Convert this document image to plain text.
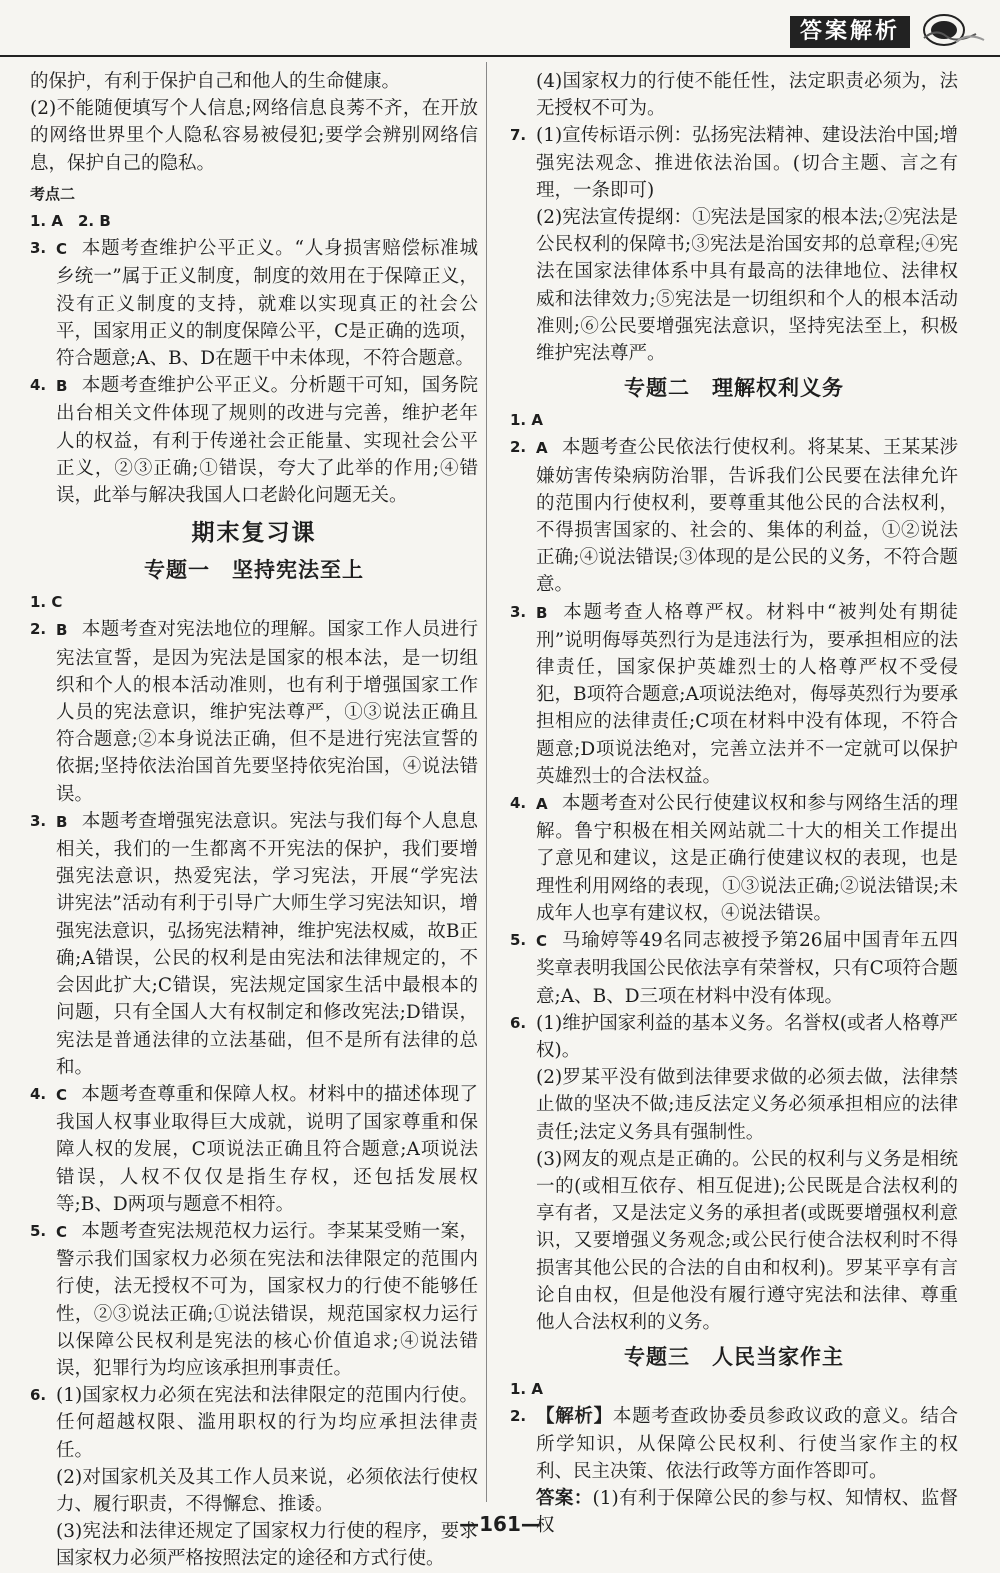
答案解析

的保护，有利于保护自己和他人的生命健康。

(2)不能随便填写个人信息;网络信息良莠不齐，在开放的网络世界里个人隐私容易被侵犯;要学会辨别网络信息，保护自己的隐私。

考点二

1. A　2. B

3. C 本题考查维护公平正义。“人身损害赔偿标准城乡统一”属于正义制度，制度的效用在于保障正义，没有正义制度的支持，就难以实现真正的社会公平，国家用正义的制度保障公平，C是正确的选项，符合题意;A、B、D在题干中未体现，不符合题意。
4. B 本题考查维护公平正义。分析题干可知，国务院出台相关文件体现了规则的改进与完善，维护老年人的权益，有利于传递社会正能量、实现社会公平正义，②③正确;①错误，夸大了此举的作用;④错误，此举与解决我国人口老龄化问题无关。
期末复习课
专题一 坚持宪法至上

1. C

2. B 本题考查对宪法地位的理解。国家工作人员进行宪法宣誓，是因为宪法是国家的根本法，是一切组织和个人的根本活动准则，也有利于增强国家工作人员的宪法意识，维护宪法尊严，①③说法正确且符合题意;②本身说法正确，但不是进行宪法宣誓的依据;坚持依法治国首先要坚持依宪治国，④说法错误。
3. B 本题考查增强宪法意识。宪法与我们每个人息息相关，我们的一生都离不开宪法的保护，我们要增强宪法意识，热爱宪法，学习宪法，开展“学宪法 讲宪法”活动有利于引导广大师生学习宪法知识，增强宪法意识，弘扬宪法精神，维护宪法权威，故B正确;A错误，公民的权利是由宪法和法律规定的，不会因此扩大;C错误，宪法规定国家生活中最根本的问题，只有全国人大有权制定和修改宪法;D错误，宪法是普通法律的立法基础，但不是所有法律的总和。
4. C 本题考查尊重和保障人权。材料中的描述体现了我国人权事业取得巨大成就，说明了国家尊重和保障人权的发展，C项说法正确且符合题意;A项说法错误，人权不仅仅是指生存权，还包括发展权等;B、D两项与题意不相符。
5. C 本题考查宪法规范权力运行。李某某受贿一案，警示我们国家权力必须在宪法和法律限定的范围内行使，法无授权不可为，国家权力的行使不能够任性，②③说法正确;①说法错误，规范国家权力运行以保障公民权利是宪法的核心价值追求;④说法错误，犯罪行为均应该承担刑事责任。
6. (1)国家权力必须在宪法和法律限定的范围内行使。任何超越权限、滥用职权的行为均应承担法律责任。

(2)对国家机关及其工作人员来说，必须依法行使权力、履行职责，不得懈怠、推诿。

(3)宪法和法律还规定了国家权力行使的程序，要求国家权力必须严格按照法定的途径和方式行使。

(4)国家权力的行使不能任性，法定职责必须为，法无授权不可为。

7. (1)宣传标语示例：弘扬宪法精神、建设法治中国;增强宪法观念、推进依法治国。(切合主题、言之有理，一条即可)

(2)宪法宣传提纲：①宪法是国家的根本法;②宪法是公民权利的保障书;③宪法是治国安邦的总章程;④宪法在国家法律体系中具有最高的法律地位、法律权威和法律效力;⑤宪法是一切组织和个人的根本活动准则;⑥公民要增强宪法意识，坚持宪法至上，积极维护宪法尊严。

专题二 理解权利义务

1. A

2. A 本题考查公民依法行使权利。将某某、王某某涉嫌妨害传染病防治罪，告诉我们公民要在法律允许的范围内行使权利，要尊重其他公民的合法权利，不得损害国家的、社会的、集体的利益，①②说法正确;④说法错误;③体现的是公民的义务，不符合题意。
3. B 本题考查人格尊严权。材料中“被判处有期徒刑”说明侮辱英烈行为是违法行为，要承担相应的法律责任，国家保护英雄烈士的人格尊严权不受侵犯，B项符合题意;A项说法绝对，侮辱英烈行为要承担相应的法律责任;C项在材料中没有体现，不符合题意;D项说法绝对，完善立法并不一定就可以保护英雄烈士的合法权益。
4. A 本题考查对公民行使建议权和参与网络生活的理解。鲁宁积极在相关网站就二十大的相关工作提出了意见和建议，这是正确行使建议权的表现，也是理性利用网络的表现，①③说法正确;②说法错误;未成年人也享有建议权，④说法错误。
5. C 马瑜婷等49名同志被授予第26届中国青年五四奖章表明我国公民依法享有荣誉权，只有C项符合题意;A、B、D三项在材料中没有体现。
6. (1)维护国家利益的基本义务。名誉权(或者人格尊严权)。

(2)罗某平没有做到法律要求做的必须去做，法律禁止做的坚决不做;违反法定义务必须承担相应的法律责任;法定义务具有强制性。

(3)网友的观点是正确的。公民的权利与义务是相统一的(或相互依存、相互促进);公民既是合法权利的享有者，又是法定义务的承担者(或既要增强权利意识，又要增强义务观念;或公民行使合法权利时不得损害其他公民的合法的自由和权利)。罗某平享有言论自由权，但是他没有履行遵守宪法和法律、尊重他人合法权利的义务。

专题三 人民当家作主

1. A

2. 【解析】本题考查政协委员参政议政的意义。结合所学知识，从保障公民权利、行使当家作主的权利、民主决策、依法行政等方面作答即可。

答案：(1)有利于保障公民的参与权、知情权、监督权

—161—
